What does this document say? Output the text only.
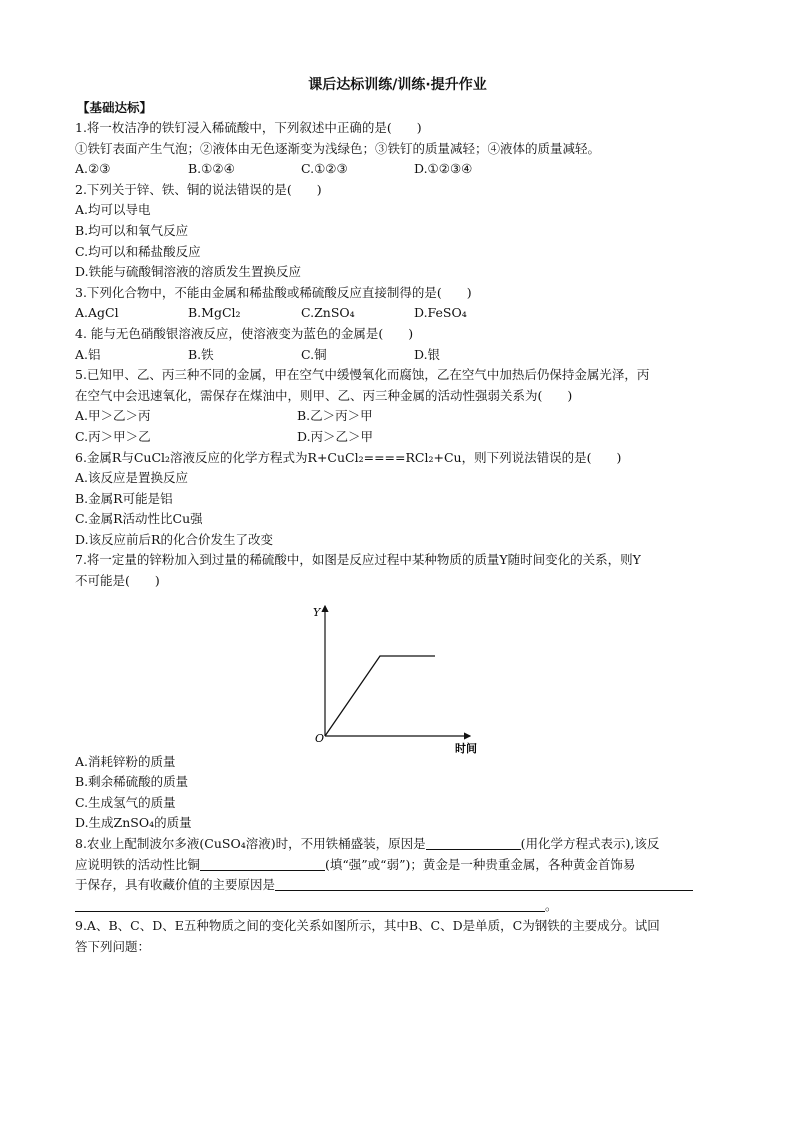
课后达标训练/训练·提升作业
【基础达标】
1.将一枚洁净的铁钉浸入稀硫酸中，下列叙述中正确的是(　　)
①铁钉表面产生气泡；②液体由无色逐渐变为浅绿色；③铁钉的质量减轻；④液体的质量减轻。
A.②③	B.①②④	C.①②③	D.①②③④
2.下列关于锌、铁、铜的说法错误的是(　　)
A.均可以导电
B.均可以和氧气反应
C.均可以和稀盐酸反应
D.铁能与硫酸铜溶液的溶质发生置换反应
3.下列化合物中，不能由金属和稀盐酸或稀硫酸反应直接制得的是(　　)
A.AgCl	B.MgCl₂	C.ZnSO₄	D.FeSO₄
4. 能与无色硝酸银溶液反应，使溶液变为蓝色的金属是(　　)
A.铝	B.铁	C.铜	D.银
5.已知甲、乙、丙三种不同的金属，甲在空气中缓慢氧化而腐蚀，乙在空气中加热后仍保持金属光泽，丙
在空气中会迅速氧化，需保存在煤油中，则甲、乙、丙三种金属的活动性强弱关系为(　　)
A.甲＞乙＞丙	B.乙＞丙＞甲
C.丙＞甲＞乙	D.丙＞乙＞甲
6.金属R与CuCl₂溶液反应的化学方程式为R+CuCl₂====RCl₂+Cu，则下列说法错误的是(　　)
A.该反应是置换反应
B.金属R可能是铝
C.金属R活动性比Cu强
D.该反应前后R的化合价发生了改变
7.将一定量的锌粉加入到过量的稀硫酸中，如图是反应过程中某种物质的质量Y随时间变化的关系，则Y
不可能是(　　)
Y
O
时间
A.消耗锌粉的质量
B.剩余稀硫酸的质量
C.生成氢气的质量
D.生成ZnSO₄的质量
8.农业上配制波尔多液(CuSO₄溶液)时，不用铁桶盛装，原因是	(用化学方程式表示),该反
应说明铁的活动性比铜	(填“强”或“弱”)；黄金是一种贵重金属，各种黄金首饰易
于保存，具有收藏价值的主要原因是
。
9.A、B、C、D、E五种物质之间的变化关系如图所示，其中B、C、D是单质，C为钢铁的主要成分。试回
答下列问题：
